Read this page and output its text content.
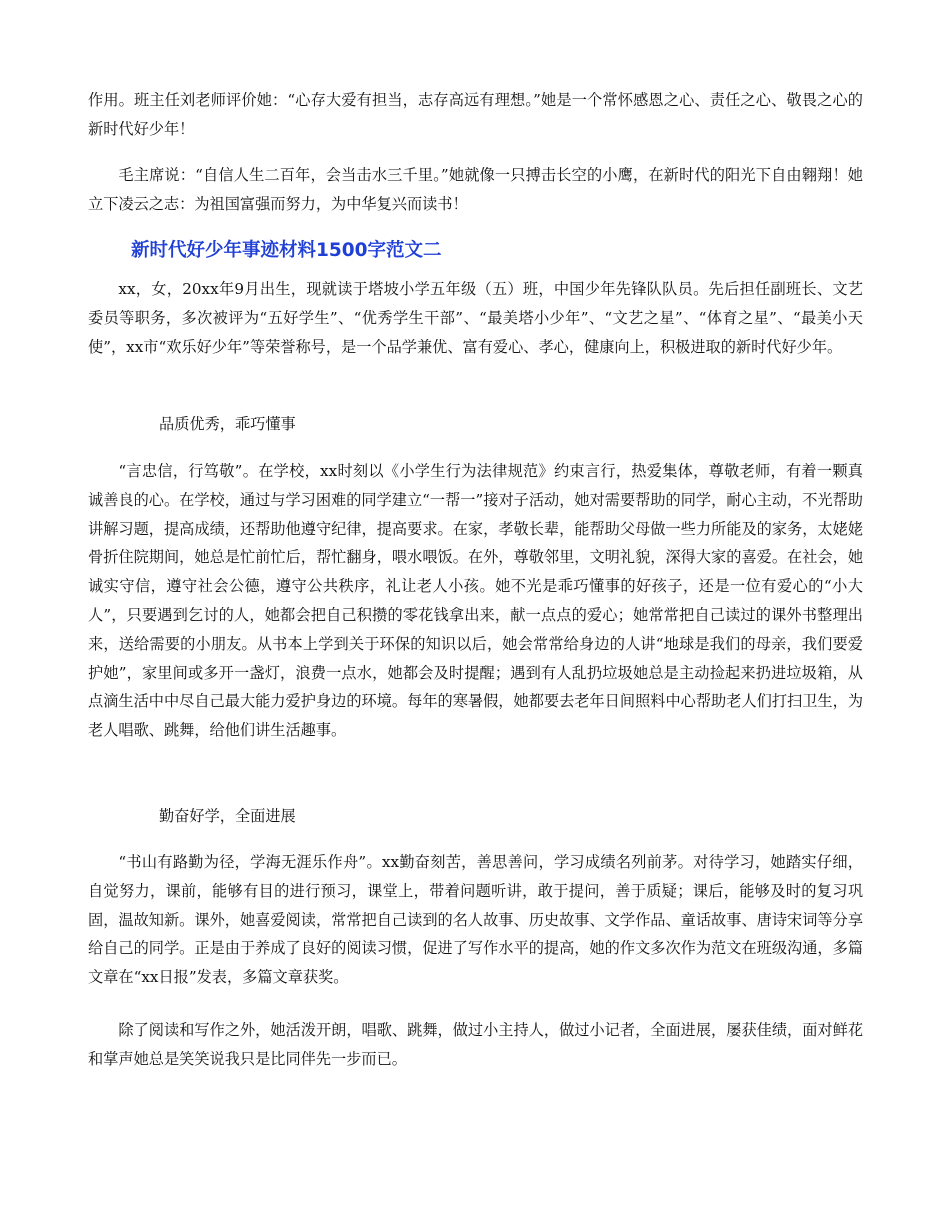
作用。班主任刘老师评价她：“心存大爱有担当，志存高远有理想。”她是一个常怀感恩之心、责任之心、敬畏之心的新时代好少年！

毛主席说：“自信人生二百年，会当击水三千里。”她就像一只搏击长空的小鹰，在新时代的阳光下自由翱翔！她立下凌云之志：为祖国富强而努力，为中华复兴而读书！

新时代好少年事迹材料1500字范文二

xx，女，20xx年9月出生，现就读于塔坡小学五年级（五）班，中国少年先锋队队员。先后担任副班长、文艺委员等职务，多次被评为“五好学生”、“优秀学生干部”、“最美塔小少年”、“文艺之星”、“体育之星”、“最美小天使”，xx市“欢乐好少年”等荣誉称号，是一个品学兼优、富有爱心、孝心，健康向上，积极进取的新时代好少年。

品质优秀，乖巧懂事

“言忠信，行笃敬”。在学校，xx时刻以《小学生行为法律规范》约束言行，热爱集体，尊敬老师，有着一颗真诚善良的心。在学校，通过与学习困难的同学建立“一帮一”接对子活动，她对需要帮助的同学，耐心主动，不光帮助讲解习题，提高成绩，还帮助他遵守纪律，提高要求。在家，孝敬长辈，能帮助父母做一些力所能及的家务，太姥姥骨折住院期间，她总是忙前忙后，帮忙翻身，喂水喂饭。在外，尊敬邻里，文明礼貌，深得大家的喜爱。在社会，她诚实守信，遵守社会公德，遵守公共秩序，礼让老人小孩。她不光是乖巧懂事的好孩子，还是一位有爱心的“小大人”，只要遇到乞讨的人，她都会把自己积攒的零花钱拿出来，献一点点的爱心；她常常把自己读过的课外书整理出来，送给需要的小朋友。从书本上学到关于环保的知识以后，她会常常给身边的人讲“地球是我们的母亲，我们要爱护她”，家里间或多开一盏灯，浪费一点水，她都会及时提醒；遇到有人乱扔垃圾她总是主动捡起来扔进垃圾箱，从点滴生活中中尽自己最大能力爱护身边的环境。每年的寒暑假，她都要去老年日间照料中心帮助老人们打扫卫生，为老人唱歌、跳舞，给他们讲生活趣事。

勤奋好学，全面进展

“书山有路勤为径，学海无涯乐作舟”。xx勤奋刻苦，善思善问，学习成绩名列前茅。对待学习，她踏实仔细，自觉努力，课前，能够有目的进行预习，课堂上，带着问题听讲，敢于提问，善于质疑；课后，能够及时的复习巩固，温故知新。课外，她喜爱阅读，常常把自己读到的名人故事、历史故事、文学作品、童话故事、唐诗宋词等分享给自己的同学。正是由于养成了良好的阅读习惯，促进了写作水平的提高，她的作文多次作为范文在班级沟通，多篇文章在“xx日报”发表，多篇文章获奖。

除了阅读和写作之外，她活泼开朗，唱歌、跳舞，做过小主持人，做过小记者，全面进展，屡获佳绩，面对鲜花和掌声她总是笑笑说我只是比同伴先一步而已。
